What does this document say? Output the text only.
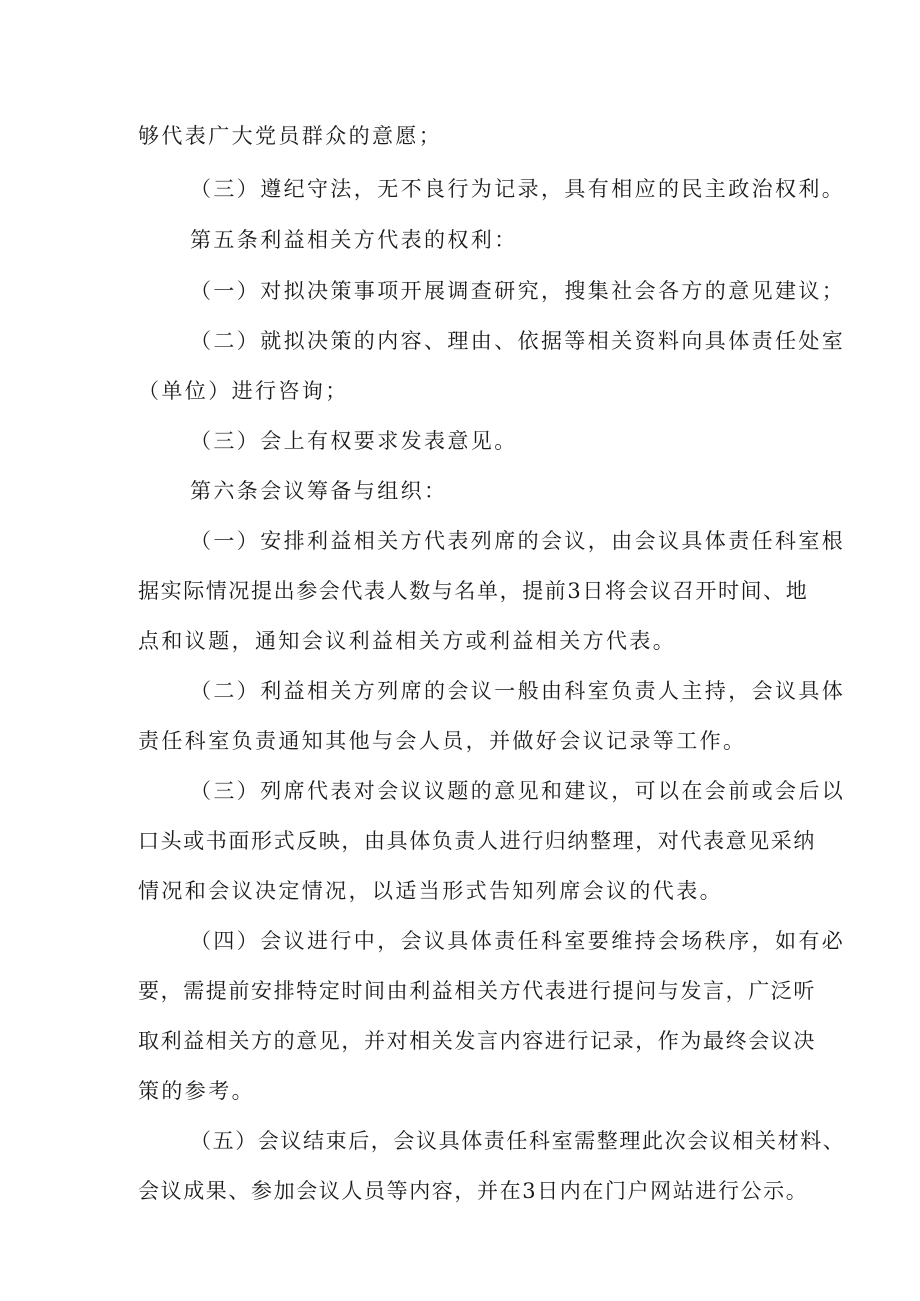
够代表广大党员群众的意愿；
（三）遵纪守法，无不良行为记录，具有相应的民主政治权利。
第五条利益相关方代表的权利：
（一）对拟决策事项开展调查研究，搜集社会各方的意见建议；
（二）就拟决策的内容、理由、依据等相关资料向具体责任处室
（单位）进行咨询；
（三）会上有权要求发表意见。
第六条会议筹备与组织：
（一）安排利益相关方代表列席的会议，由会议具体责任科室根
据实际情况提出参会代表人数与名单，提前3日将会议召开时间、地
点和议题，通知会议利益相关方或利益相关方代表。
（二）利益相关方列席的会议一般由科室负责人主持，会议具体
责任科室负责通知其他与会人员，并做好会议记录等工作。
（三）列席代表对会议议题的意见和建议，可以在会前或会后以
口头或书面形式反映，由具体负责人进行归纳整理，对代表意见采纳
情况和会议决定情况，以适当形式告知列席会议的代表。
（四）会议进行中，会议具体责任科室要维持会场秩序，如有必
要，需提前安排特定时间由利益相关方代表进行提问与发言，广泛听
取利益相关方的意见，并对相关发言内容进行记录，作为最终会议决
策的参考。
（五）会议结束后，会议具体责任科室需整理此次会议相关材料、
会议成果、参加会议人员等内容，并在3日内在门户网站进行公示。
